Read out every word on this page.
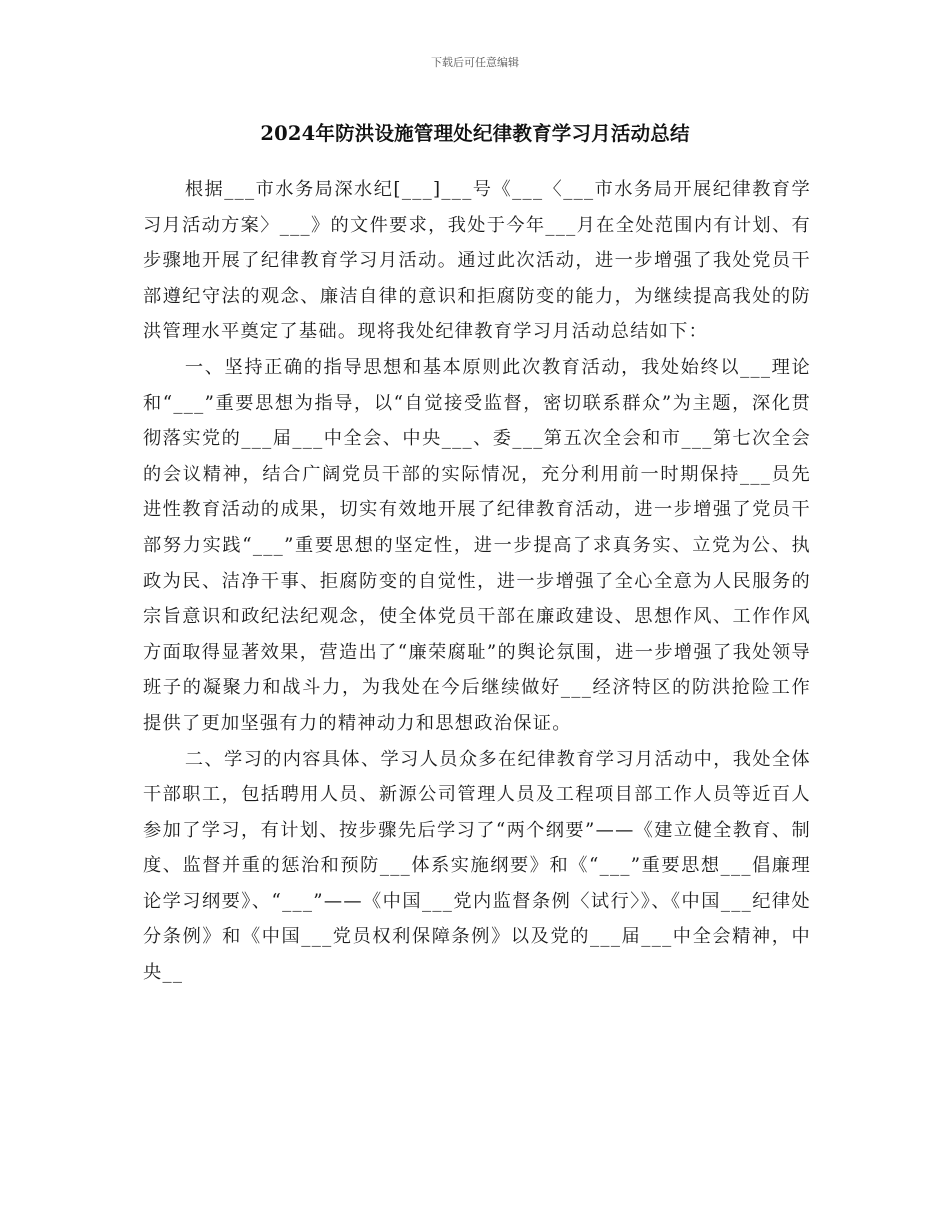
下载后可任意编辑
2024年防洪设施管理处纪律教育学习月活动总结

根据___市水务局深水纪[___]___号《___〈___市水务局开展纪律教育学习月活动方案〉___》的文件要求，我处于今年___月在全处范围内有计划、有步骤地开展了纪律教育学习月活动。通过此次活动，进一步增强了我处党员干部遵纪守法的观念、廉洁自律的意识和拒腐防变的能力，为继续提高我处的防洪管理水平奠定了基础。现将我处纪律教育学习月活动总结如下：

一、坚持正确的指导思想和基本原则此次教育活动，我处始终以___理论和“___”重要思想为指导，以“自觉接受监督，密切联系群众”为主题，深化贯彻落实党的___届___中全会、中央___、委___第五次全会和市___第七次全会的会议精神，结合广阔党员干部的实际情况，充分利用前一时期保持___员先进性教育活动的成果，切实有效地开展了纪律教育活动，进一步增强了党员干部努力实践“___”重要思想的坚定性，进一步提高了求真务实、立党为公、执政为民、洁净干事、拒腐防变的自觉性，进一步增强了全心全意为人民服务的宗旨意识和政纪法纪观念，使全体党员干部在廉政建设、思想作风、工作作风方面取得显著效果，营造出了“廉荣腐耻”的舆论氛围，进一步增强了我处领导班子的凝聚力和战斗力，为我处在今后继续做好___经济特区的防洪抢险工作提供了更加坚强有力的精神动力和思想政治保证。

二、学习的内容具体、学习人员众多在纪律教育学习月活动中，我处全体干部职工，包括聘用人员、新源公司管理人员及工程项目部工作人员等近百人参加了学习，有计划、按步骤先后学习了“两个纲要”——《建立健全教育、制度、监督并重的惩治和预防___体系实施纲要》和《“___”重要思想___倡廉理论学习纲要》、“___”——《中国___党内监督条例〈试行〉》、《中国___纪律处分条例》和《中国___党员权利保障条例》以及党的___届___中全会精神，中央__
